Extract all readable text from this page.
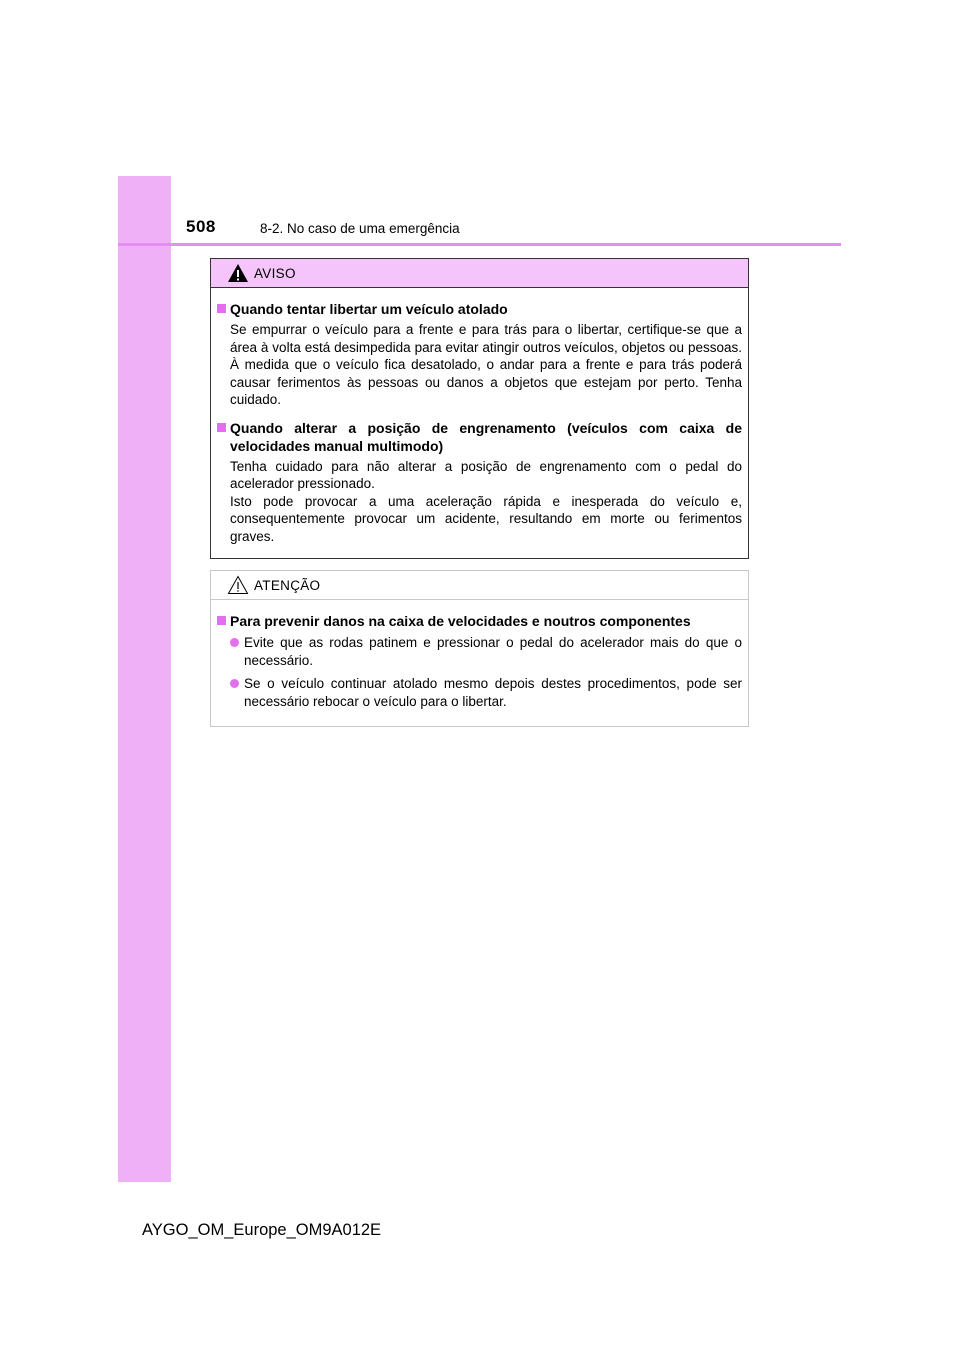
508	8-2. No caso de uma emergência
AVISO
Quando tentar libertar um veículo atolado
Se empurrar o veículo para a frente e para trás para o libertar, certifique-se que a área à volta está desimpedida para evitar atingir outros veículos, objetos ou pessoas. À medida que o veículo fica desatolado, o andar para a frente e para trás poderá causar ferimentos às pessoas ou danos a objetos que estejam por perto. Tenha cuidado.
Quando alterar a posição de engrenamento (veículos com caixa de velocidades manual multimodo)
Tenha cuidado para não alterar a posição de engrenamento com o pedal do acelerador pressionado.
Isto pode provocar a uma aceleração rápida e inesperada do veículo e, consequentemente provocar um acidente, resultando em morte ou ferimentos graves.
ATENÇÃO
Para prevenir danos na caixa de velocidades e noutros componentes
Evite que as rodas patinem e pressionar o pedal do acelerador mais do que o necessário.
Se o veículo continuar atolado mesmo depois destes procedimentos, pode ser necessário rebocar o veículo para o libertar.
AYGO_OM_Europe_OM9A012E
